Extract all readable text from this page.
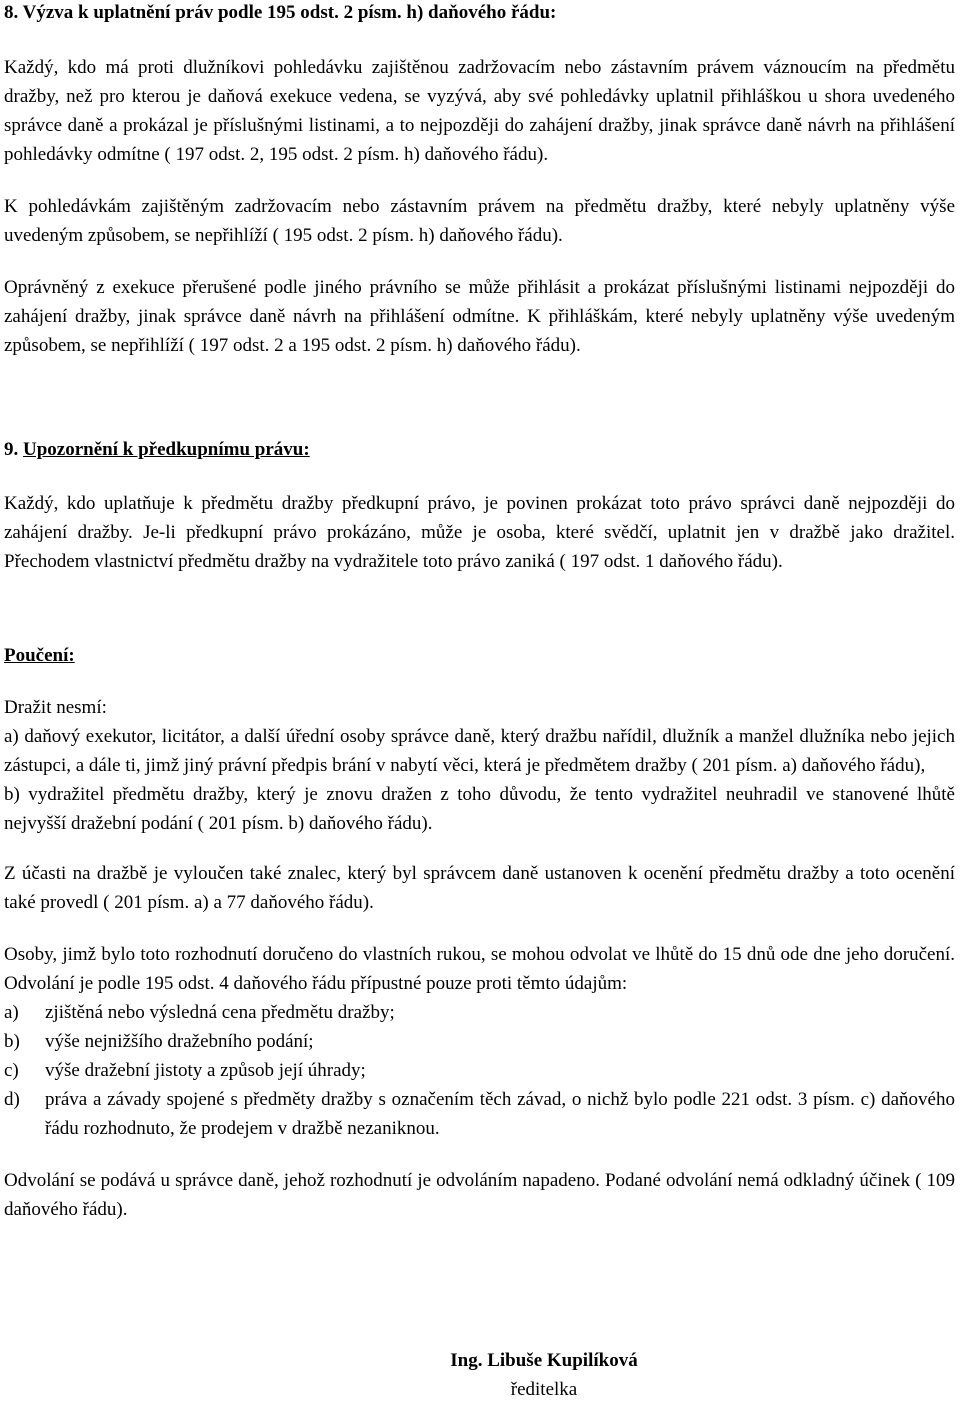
8. Výzva k uplatnění práv podle 195 odst. 2 písm. h) daňového řádu:

Každý, kdo má proti dlužníkovi pohledávku zajištěnou zadržovacím nebo zástavním právem váznoucím na předmětu dražby, než pro kterou je daňová exekuce vedena, se vyzývá, aby své pohledávky uplatnil přihláškou u shora uvedeného správce daně a prokázal je příslušnými listinami, a to nejpozději do zahájení dražby, jinak správce daně návrh na přihlášení pohledávky odmítne ( 197 odst. 2, 195 odst. 2 písm. h) daňového řádu).

K pohledávkám zajištěným zadržovacím nebo zástavním právem na předmětu dražby, které nebyly uplatněny výše uvedeným způsobem, se nepřihlíží ( 195 odst. 2 písm. h) daňového řádu).

Oprávněný z exekuce přerušené podle jiného právního se může přihlásit a prokázat příslušnými listinami nejpozději do zahájení dražby, jinak správce daně návrh na přihlášení odmítne. K přihláškám, které nebyly uplatněny výše uvedeným způsobem, se nepřihlíží ( 197 odst. 2 a 195 odst. 2 písm. h) daňového řádu).

9. Upozornění k předkupnímu právu:

Každý, kdo uplatňuje k předmětu dražby předkupní právo, je povinen prokázat toto právo správci daně nejpozději do zahájení dražby. Je-li předkupní právo prokázáno, může je osoba, které svědčí, uplatnit jen v dražbě jako dražitel. Přechodem vlastnictví předmětu dražby na vydražitele toto právo zaniká ( 197 odst. 1 daňového řádu).

Poučení:

Dražit nesmí:

a) daňový exekutor, licitátor, a další úřední osoby správce daně, který dražbu nařídil, dlužník a manžel dlužníka nebo jejich zástupci, a dále ti, jimž jiný právní předpis brání v nabytí věci, která je předmětem dražby ( 201 písm. a) daňového řádu),

b) vydražitel předmětu dražby, který je znovu dražen z toho důvodu, že tento vydražitel neuhradil ve stanovené lhůtě nejvyšší dražební podání ( 201 písm. b) daňového řádu).

Z účasti na dražbě je vyloučen také znalec, který byl správcem daně ustanoven k ocenění předmětu dražby a toto ocenění také provedl ( 201 písm. a) a 77 daňového řádu).

Osoby, jimž bylo toto rozhodnutí doručeno do vlastních rukou, se mohou odvolat ve lhůtě do 15 dnů ode dne jeho doručení. Odvolání je podle 195 odst. 4 daňového řádu přípustné pouze proti těmto údajům:

a)	zjištěná nebo výsledná cena předmětu dražby;
b)	výše nejnižšího dražebního podání;
c)	výše dražební jistoty a způsob její úhrady;
d)	práva a závady spojené s předměty dražby s označením těch závad, o nichž bylo podle 221 odst. 3 písm. c) daňového řádu rozhodnuto, že prodejem v dražbě nezaniknou.

Odvolání se podává u správce daně, jehož rozhodnutí je odvoláním napadeno. Podané odvolání nemá odkladný účinek ( 109 daňového řádu).

Ing. Libuše Kupilíková
ředitelka
